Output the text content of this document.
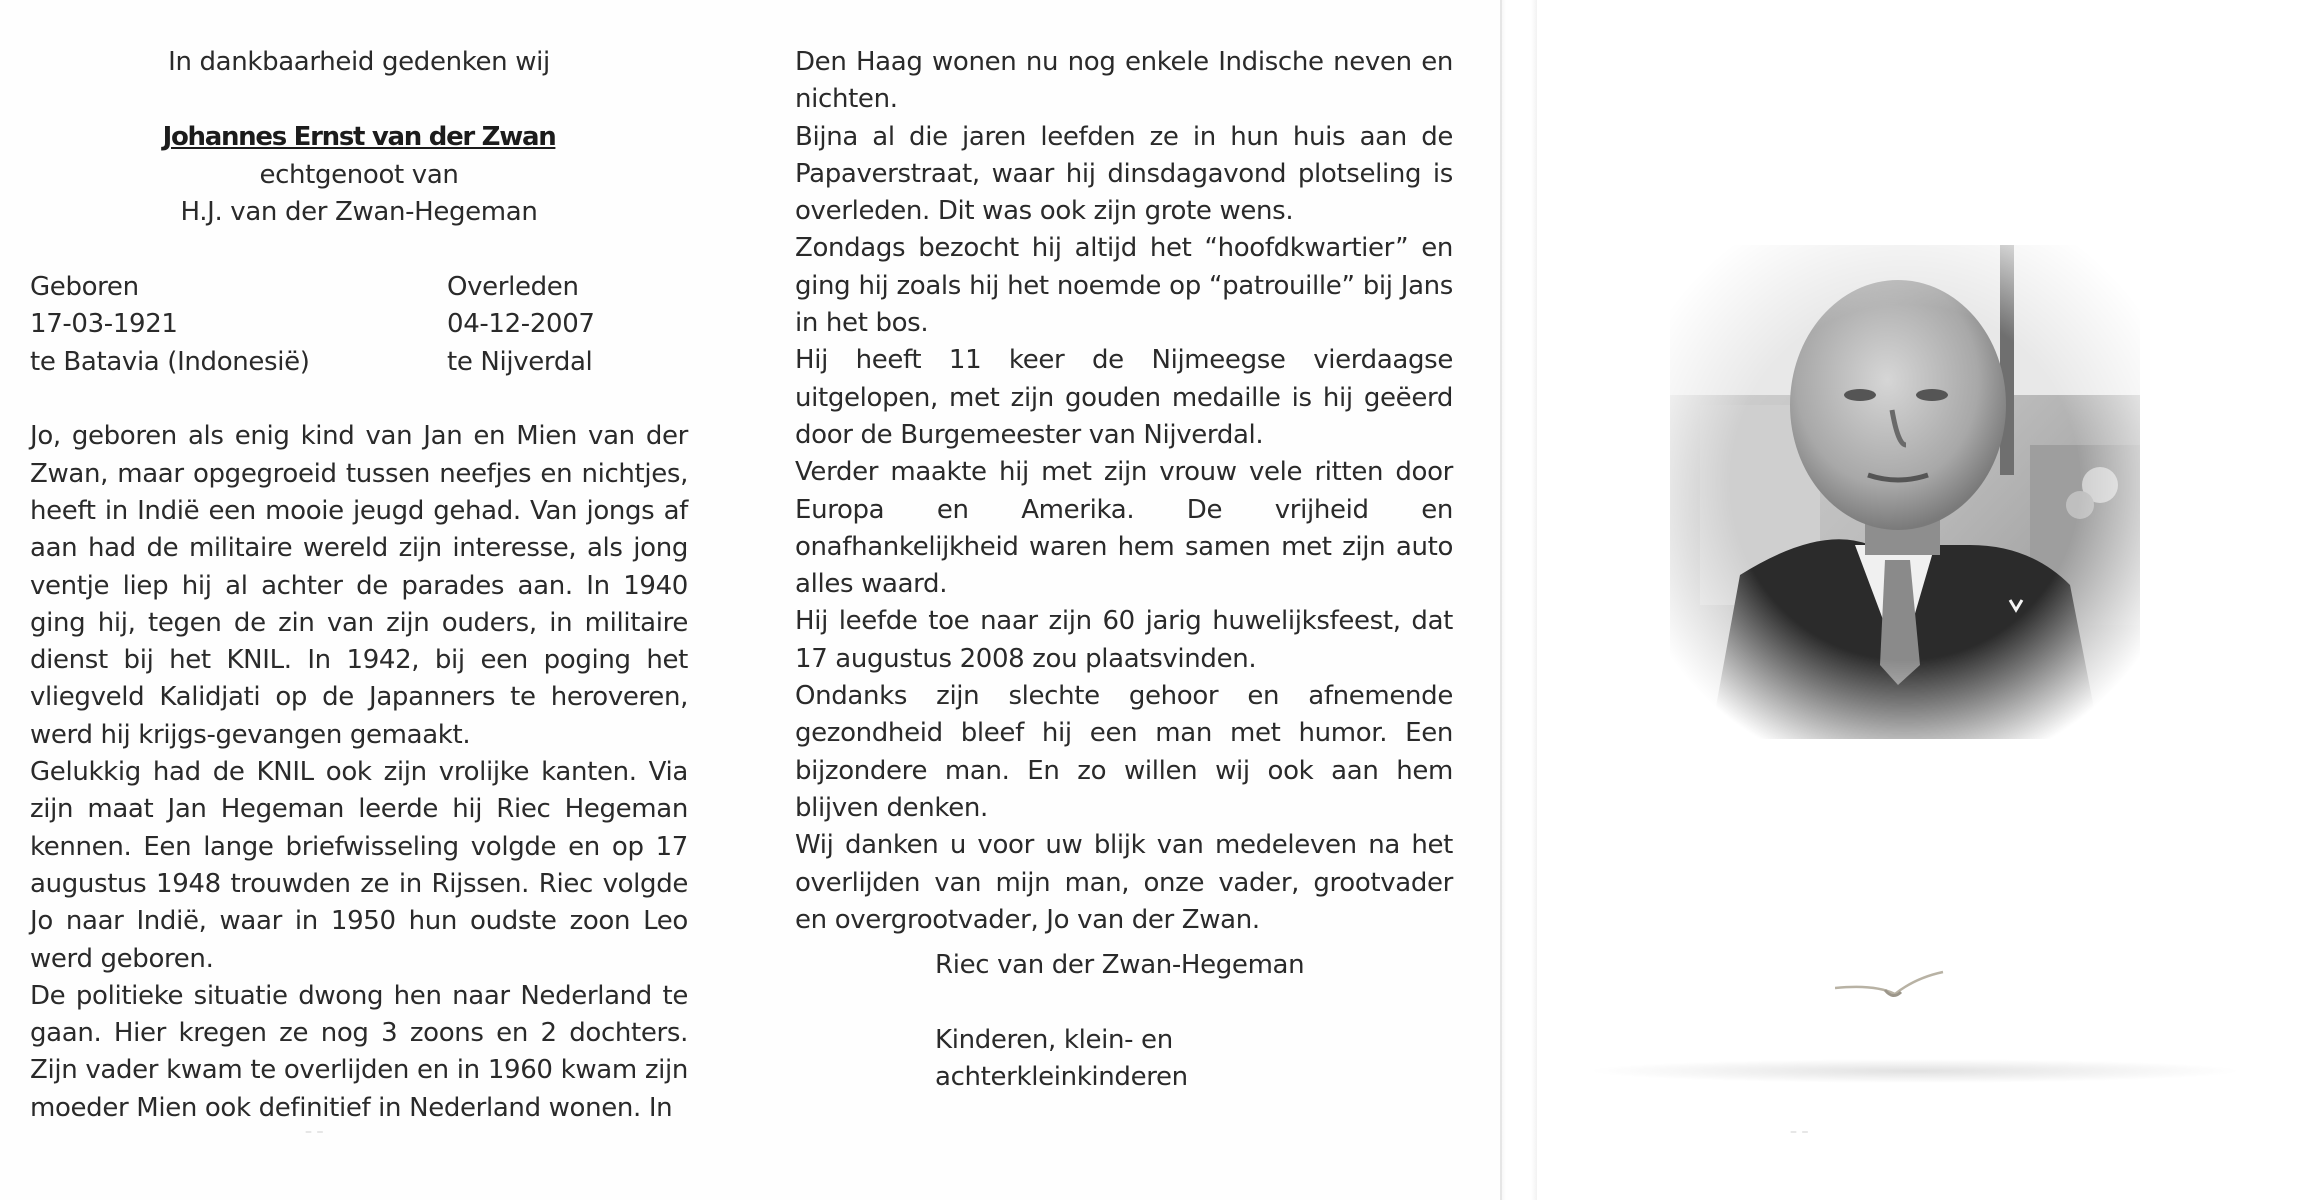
In dankbaarheid gedenken wij
Johannes Ernst van der Zwan
echtgenoot van
H.J. van der Zwan-Hegeman
Geboren
17-03-1921
te Batavia (Indonesië)
Overleden
04-12-2007
te Nijverdal
Jo, geboren als enig kind van Jan en Mien van der Zwan, maar opgegroeid tussen neefjes en nichtjes, heeft in Indië een mooie jeugd gehad. Van jongs af aan had de militaire wereld zijn interesse, als jong ventje liep hij al achter de parades aan. In 1940 ging hij, tegen de zin van zijn ouders, in militaire dienst bij het KNIL. In 1942, bij een poging het vliegveld Kalidjati op de Japanners te heroveren, werd hij krijgs-gevangen gemaakt.
Gelukkig had de KNIL ook zijn vrolijke kanten. Via zijn maat Jan Hegeman leerde hij Riec Hegeman kennen. Een lange briefwisseling volgde en op 17 augustus 1948 trouwden ze in Rijssen. Riec volgde Jo naar Indië, waar in 1950 hun oudste zoon Leo werd geboren.
De politieke situatie dwong hen naar Nederland te gaan. Hier kregen ze nog 3 zoons en 2 dochters. Zijn vader kwam te overlijden en in 1960 kwam zijn moeder Mien ook definitief in Nederland wonen. In
Den Haag wonen nu nog enkele Indische neven en nichten.
Bijna al die jaren leefden ze in hun huis aan de Papaverstraat, waar hij dinsdagavond plotseling is overleden. Dit was ook zijn grote wens.
Zondags bezocht hij altijd het “hoofdkwartier” en ging hij zoals hij het noemde op “patrouille” bij Jans in het bos.
Hij heeft 11 keer de Nijmeegse vierdaagse uitgelopen, met zijn gouden medaille is hij geëerd door de Burgemeester van Nijverdal.
Verder maakte hij met zijn vrouw vele ritten door Europa en Amerika. De vrijheid en onafhankelijkheid waren hem samen met zijn auto alles waard.
Hij leefde toe naar zijn 60 jarig huwelijksfeest, dat 17 augustus 2008 zou plaatsvinden.
Ondanks zijn slechte gehoor en afnemende gezondheid bleef hij een man met humor. Een bijzondere man. En zo willen wij ook aan hem blijven denken.
Wij danken u voor uw blijk van medeleven na het overlijden van mijn man, onze vader, grootvader en overgrootvader, Jo van der Zwan.
Riec van der Zwan-Hegeman
Kinderen, klein- en
achterkleinkinderen
– –	– –
